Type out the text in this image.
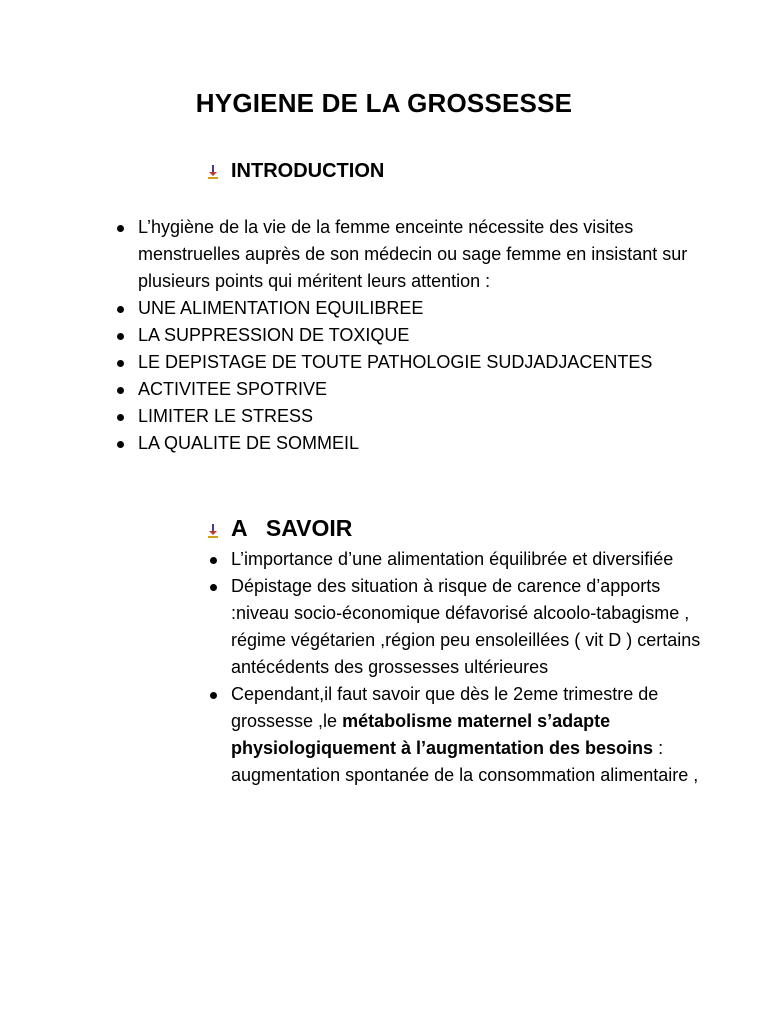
HYGIENE DE LA GROSSESSE
INTRODUCTION
L’hygiène de la vie de la femme enceinte nécessite des visites menstruelles auprès de son médecin ou sage femme en insistant sur plusieurs points qui méritent leurs attention :
UNE ALIMENTATION EQUILIBREE
LA SUPPRESSION DE TOXIQUE
LE DEPISTAGE DE TOUTE PATHOLOGIE SUDJADJACENTES
ACTIVITEE SPOTRIVE
LIMITER LE STRESS
LA QUALITE DE SOMMEIL
A   SAVOIR
L’importance d’une alimentation équilibrée et diversifiée
Dépistage des situation à risque de carence d’apports :niveau socio-économique défavorisé alcoolo-tabagisme , régime végétarien ,région peu ensoleillées ( vit D ) certains antécédents des grossesses ultérieures
Cependant,il faut savoir que dès le 2eme trimestre de grossesse ,le métabolisme maternel s’adapte physiologiquement à l’augmentation des besoins : augmentation spontanée de la consommation alimentaire ,
